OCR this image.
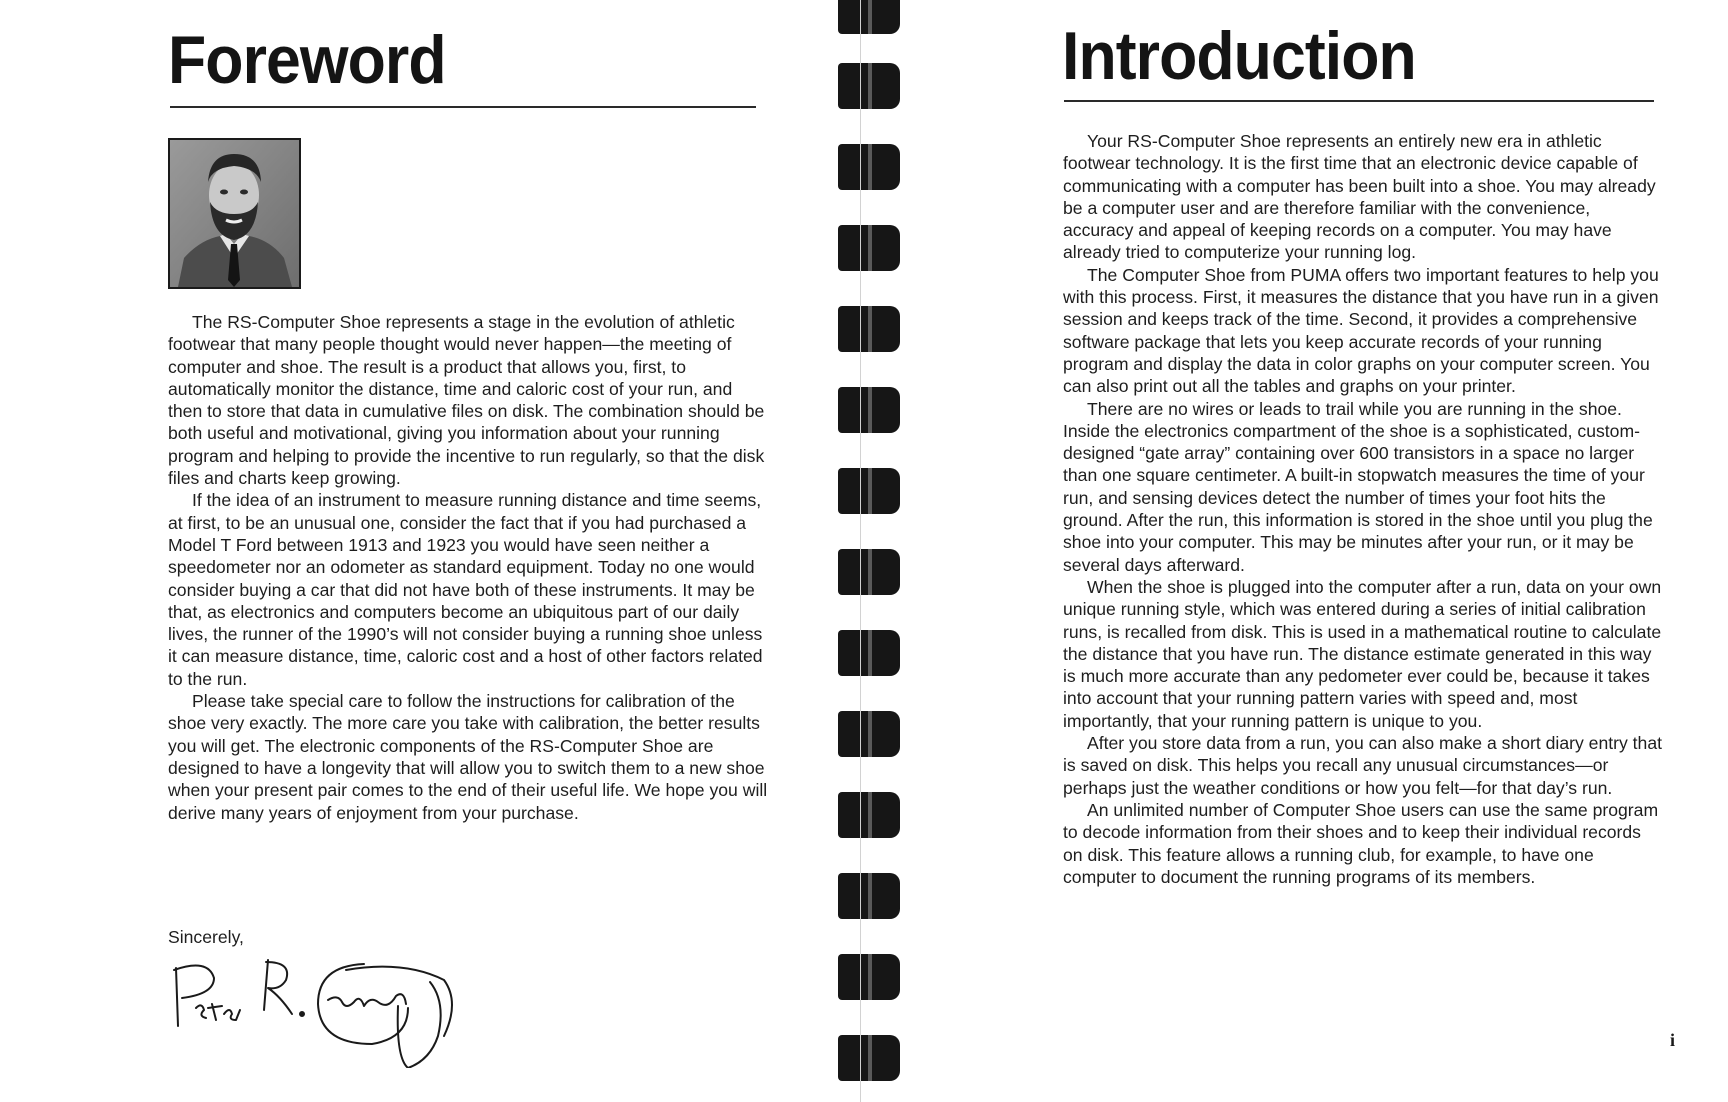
Foreword

The RS-Computer Shoe represents a stage in the evolution of athletic footwear that many people thought would never happen—the meeting of computer and shoe. The result is a product that allows you, first, to automatically monitor the distance, time and caloric cost of your run, and then to store that data in cumulative files on disk. The combination should be both useful and motivational, giving you information about your running program and helping to provide the incentive to run regularly, so that the disk files and charts keep growing.

If the idea of an instrument to measure running distance and time seems, at first, to be an unusual one, consider the fact that if you had purchased a Model T Ford between 1913 and 1923 you would have seen neither a speedometer nor an odometer as standard equipment. Today no one would consider buying a car that did not have both of these instruments. It may be that, as electronics and computers become an ubiquitous part of our daily lives, the runner of the 1990’s will not consider buying a running shoe unless it can measure distance, time, caloric cost and a host of other factors related to the run.

Please take special care to follow the instructions for calibration of the shoe very exactly. The more care you take with calibration, the better results you will get. The electronic components of the RS-Computer Shoe are designed to have a longevity that will allow you to switch them to a new shoe when your present pair comes to the end of their useful life. We hope you will derive many years of enjoyment from your purchase.

Sincerely,

Introduction

Your RS-Computer Shoe represents an entirely new era in athletic footwear technology. It is the first time that an electronic device capable of communicating with a computer has been built into a shoe. You may already be a computer user and are therefore familiar with the convenience, accuracy and appeal of keeping records on a computer. You may have already tried to computerize your running log.

The Computer Shoe from PUMA offers two important features to help you with this process. First, it measures the distance that you have run in a given session and keeps track of the time. Second, it provides a comprehensive software package that lets you keep accurate records of your running program and display the data in color graphs on your computer screen. You can also print out all the tables and graphs on your printer.

There are no wires or leads to trail while you are running in the shoe. Inside the electronics compartment of the shoe is a sophisticated, custom-designed “gate array” containing over 600 transistors in a space no larger than one square centimeter. A built-in stopwatch measures the time of your run, and sensing devices detect the number of times your foot hits the ground. After the run, this information is stored in the shoe until you plug the shoe into your computer. This may be minutes after your run, or it may be several days afterward.

When the shoe is plugged into the computer after a run, data on your own unique running style, which was entered during a series of initial calibration runs, is recalled from disk. This is used in a mathematical routine to calculate the distance that you have run. The distance estimate generated in this way is much more accurate than any pedometer ever could be, because it takes into account that your running pattern varies with speed and, most importantly, that your running pattern is unique to you.

After you store data from a run, you can also make a short diary entry that is saved on disk. This helps you recall any unusual circumstances—or perhaps just the weather conditions or how you felt—for that day’s run.

An unlimited number of Computer Shoe users can use the same program to decode information from their shoes and to keep their individual records on disk. This feature allows a running club, for example, to have one computer to document the running programs of its members.

i
